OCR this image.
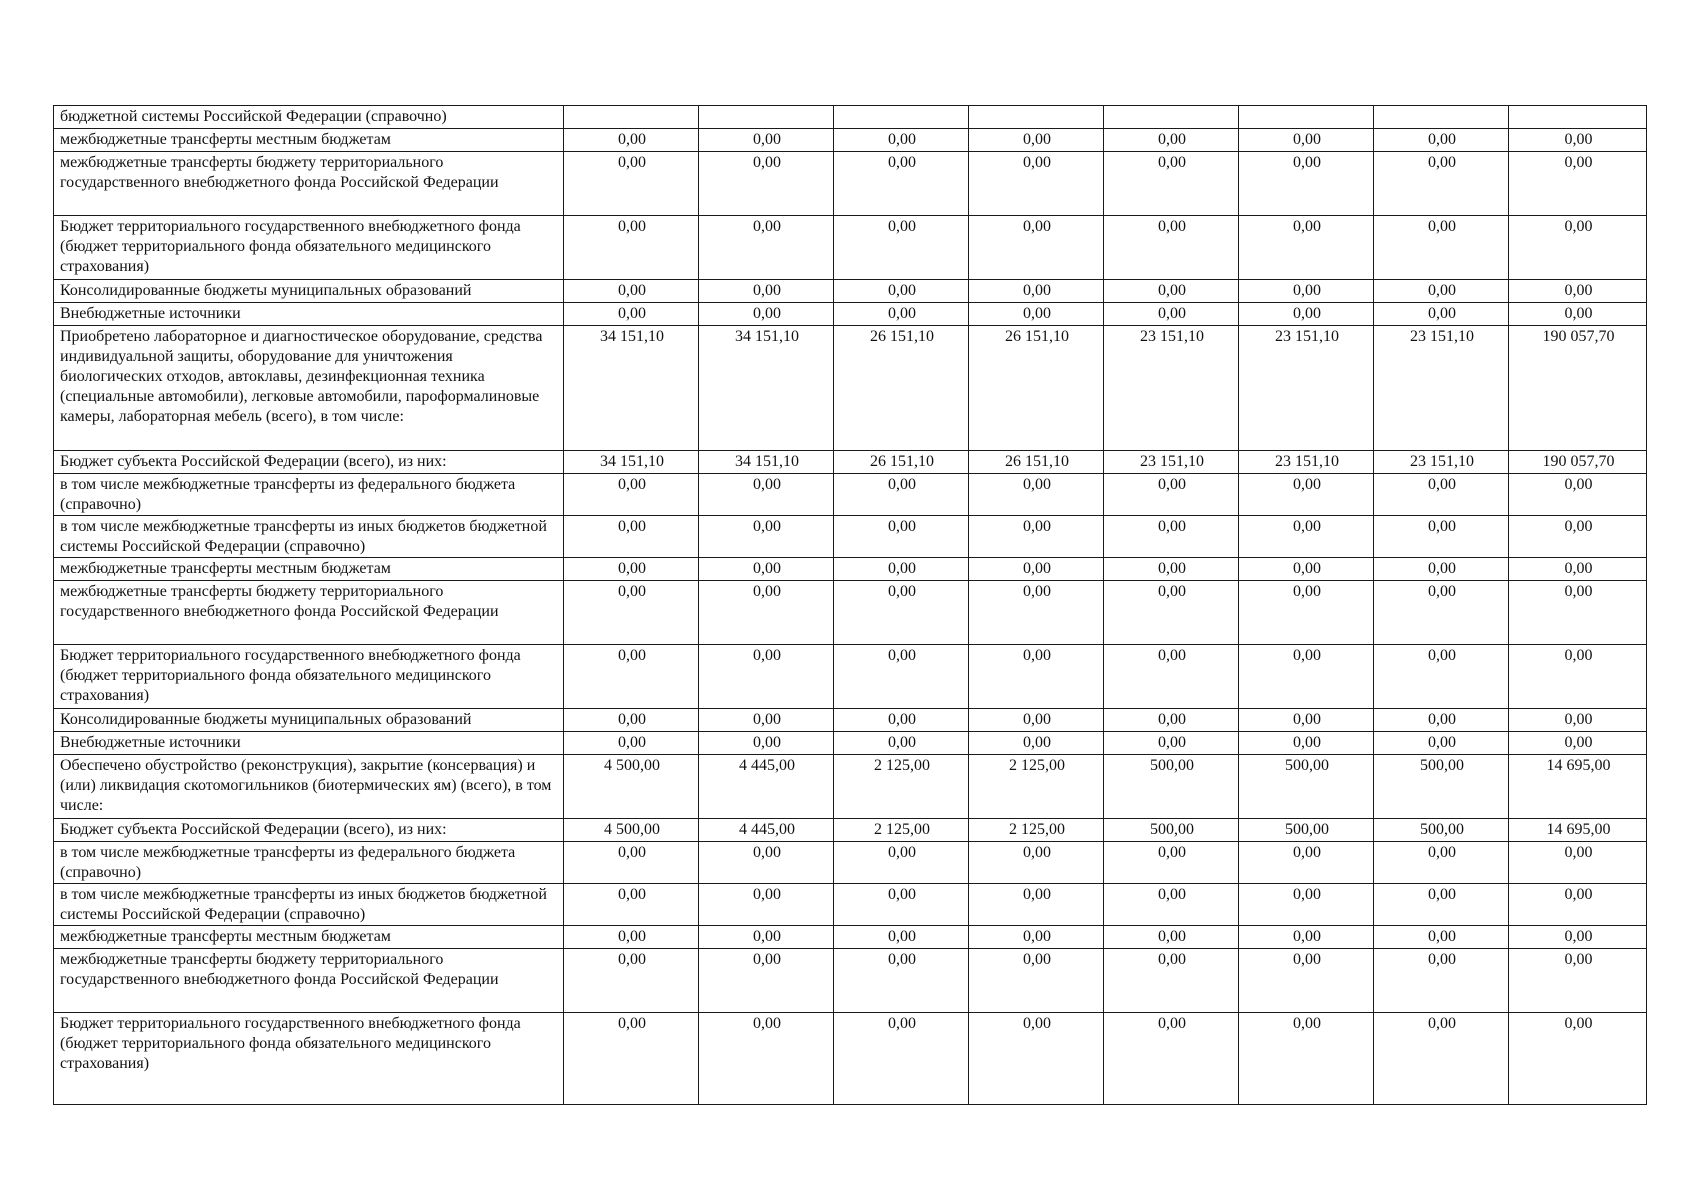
бюджетной системы Российской Федерации (справочно)								
межбюджетные трансферты местным бюджетам	0,00	0,00	0,00	0,00	0,00	0,00	0,00	0,00
межбюджетные трансферты бюджету территориального государственного внебюджетного фонда Российской Федерации	0,00	0,00	0,00	0,00	0,00	0,00	0,00	0,00
Бюджет территориального государственного внебюджетного фонда (бюджет территориального фонда обязательного медицинского страхования)	0,00	0,00	0,00	0,00	0,00	0,00	0,00	0,00
Консолидированные бюджеты муниципальных образований	0,00	0,00	0,00	0,00	0,00	0,00	0,00	0,00
Внебюджетные источники	0,00	0,00	0,00	0,00	0,00	0,00	0,00	0,00
Приобретено лабораторное и диагностическое оборудование, средства индивидуальной защиты, оборудование для уничтожения биологических отходов, автоклавы, дезинфекционная техника (специальные автомобили), легковые автомобили, пароформалиновые камеры, лабораторная мебель (всего), в том числе:	34 151,10	34 151,10	26 151,10	26 151,10	23 151,10	23 151,10	23 151,10	190 057,70
Бюджет субъекта Российской Федерации (всего), из них:	34 151,10	34 151,10	26 151,10	26 151,10	23 151,10	23 151,10	23 151,10	190 057,70
в том числе межбюджетные трансферты из федерального бюджета (справочно)	0,00	0,00	0,00	0,00	0,00	0,00	0,00	0,00
в том числе межбюджетные трансферты из иных бюджетов бюджетной системы Российской Федерации (справочно)	0,00	0,00	0,00	0,00	0,00	0,00	0,00	0,00
межбюджетные трансферты местным бюджетам	0,00	0,00	0,00	0,00	0,00	0,00	0,00	0,00
межбюджетные трансферты бюджету территориального государственного внебюджетного фонда Российской Федерации	0,00	0,00	0,00	0,00	0,00	0,00	0,00	0,00
Бюджет территориального государственного внебюджетного фонда (бюджет территориального фонда обязательного медицинского страхования)	0,00	0,00	0,00	0,00	0,00	0,00	0,00	0,00
Консолидированные бюджеты муниципальных образований	0,00	0,00	0,00	0,00	0,00	0,00	0,00	0,00
Внебюджетные источники	0,00	0,00	0,00	0,00	0,00	0,00	0,00	0,00
Обеспечено обустройство (реконструкция), закрытие (консервация) и (или) ликвидация скотомогильников (биотермических ям) (всего), в том числе:	4 500,00	4 445,00	2 125,00	2 125,00	500,00	500,00	500,00	14 695,00
Бюджет субъекта Российской Федерации (всего), из них:	4 500,00	4 445,00	2 125,00	2 125,00	500,00	500,00	500,00	14 695,00
в том числе межбюджетные трансферты из федерального бюджета (справочно)	0,00	0,00	0,00	0,00	0,00	0,00	0,00	0,00
в том числе межбюджетные трансферты из иных бюджетов бюджетной системы Российской Федерации (справочно)	0,00	0,00	0,00	0,00	0,00	0,00	0,00	0,00
межбюджетные трансферты местным бюджетам	0,00	0,00	0,00	0,00	0,00	0,00	0,00	0,00
межбюджетные трансферты бюджету территориального государственного внебюджетного фонда Российской Федерации	0,00	0,00	0,00	0,00	0,00	0,00	0,00	0,00
Бюджет территориального государственного внебюджетного фонда (бюджет территориального фонда обязательного медицинского страхования)	0,00	0,00	0,00	0,00	0,00	0,00	0,00	0,00
